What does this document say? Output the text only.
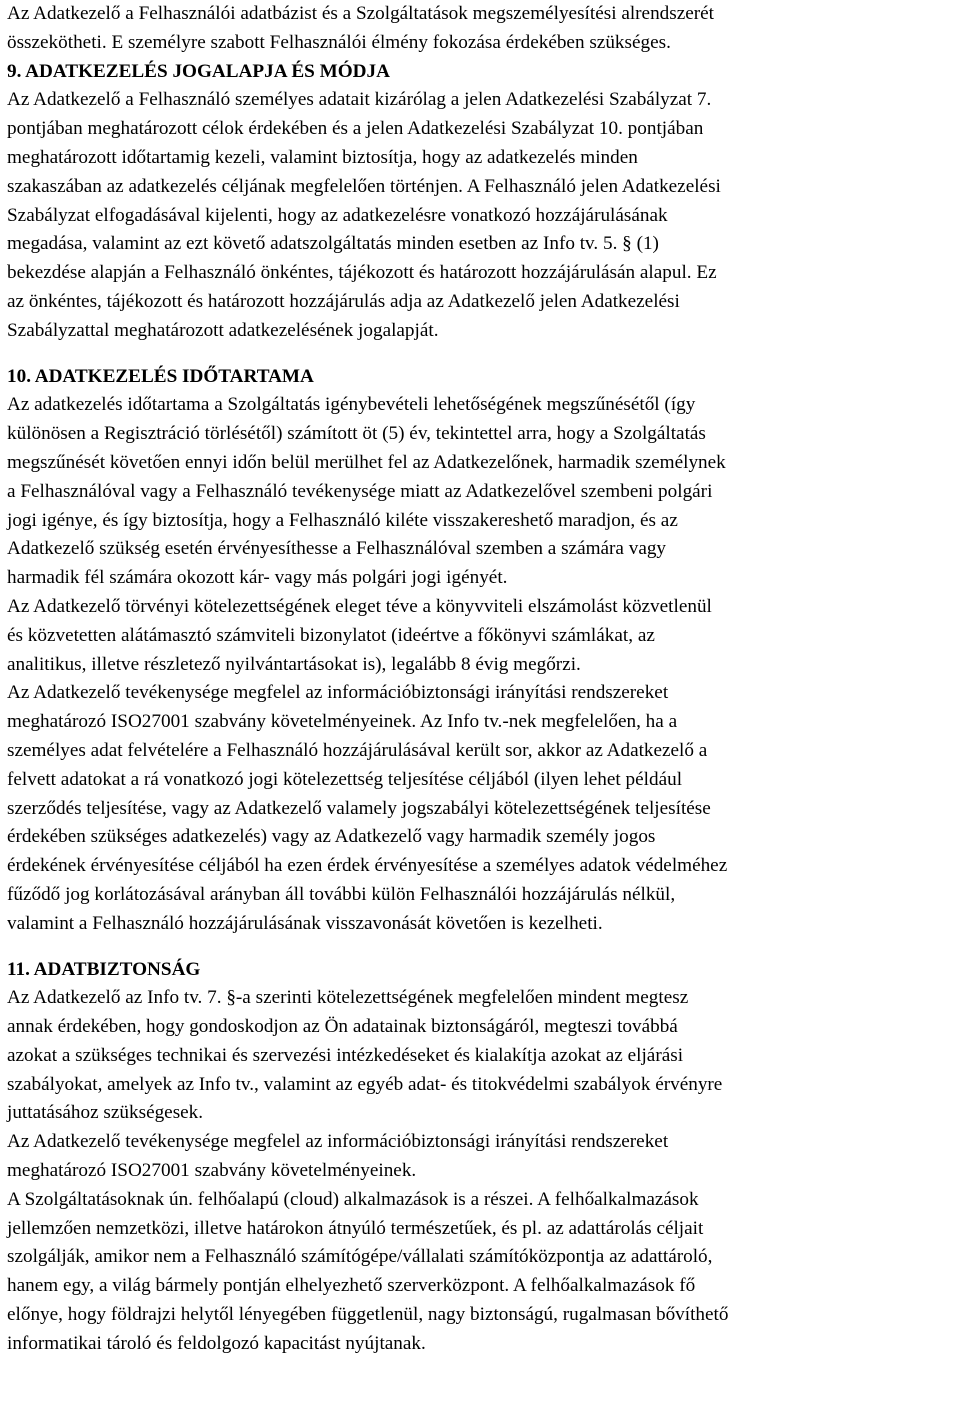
Az Adatkezelő a Felhasználói adatbázist és a Szolgáltatások megszemélyesítési alrendszerét
összekötheti. E személyre szabott Felhasználói élmény fokozása érdekében szükséges.
9. ADATKEZELÉS JOGALAPJA ÉS MÓDJA
Az Adatkezelő a Felhasználó személyes adatait kizárólag a jelen Adatkezelési Szabályzat 7.
pontjában meghatározott célok érdekében és a jelen Adatkezelési Szabályzat 10. pontjában
meghatározott időtartamig kezeli, valamint biztosítja, hogy az adatkezelés minden
szakaszában az adatkezelés céljának megfelelően történjen. A Felhasználó jelen Adatkezelési
Szabályzat elfogadásával kijelenti, hogy az adatkezelésre vonatkozó hozzájárulásának
megadása, valamint az ezt követő adatszolgáltatás minden esetben az Info tv. 5. § (1)
bekezdése alapján a Felhasználó önkéntes, tájékozott és határozott hozzájárulásán alapul. Ez
az önkéntes, tájékozott és határozott hozzájárulás adja az Adatkezelő jelen Adatkezelési
Szabályzattal meghatározott adatkezelésének jogalapját.
10. ADATKEZELÉS IDŐTARTAMA
Az adatkezelés időtartama a Szolgáltatás igénybevételi lehetőségének megszűnésétől (így
különösen a Regisztráció törlésétől) számított öt (5) év, tekintettel arra, hogy a Szolgáltatás
megszűnését követően ennyi időn belül merülhet fel az Adatkezelőnek, harmadik személynek
a Felhasználóval vagy a Felhasználó tevékenysége miatt az Adatkezelővel szembeni polgári
jogi igénye, és így biztosítja, hogy a Felhasználó kiléte visszakereshető maradjon, és az
Adatkezelő szükség esetén érvényesíthesse a Felhasználóval szemben a számára vagy
harmadik fél számára okozott kár- vagy más polgári jogi igényét.
Az Adatkezelő törvényi kötelezettségének eleget téve a könyvviteli elszámolást közvetlenül
és közvetetten alátámasztó számviteli bizonylatot (ideértve a főkönyvi számlákat, az
analitikus, illetve részletező nyilvántartásokat is), legalább 8 évig megőrzi.
Az Adatkezelő tevékenysége megfelel az információbiztonsági irányítási rendszereket
meghatározó ISO27001 szabvány követelményeinek. Az Info tv.-nek megfelelően, ha a
személyes adat felvételére a Felhasználó hozzájárulásával került sor, akkor az Adatkezelő a
felvett adatokat a rá vonatkozó jogi kötelezettség teljesítése céljából (ilyen lehet például
szerződés teljesítése, vagy az Adatkezelő valamely jogszabályi kötelezettségének teljesítése
érdekében szükséges adatkezelés) vagy az Adatkezelő vagy harmadik személy jogos
érdekének érvényesítése céljából ha ezen érdek érvényesítése a személyes adatok védelméhez
fűződő jog korlátozásával arányban áll további külön Felhasználói hozzájárulás nélkül,
valamint a Felhasználó hozzájárulásának visszavonását követően is kezelheti.
11. ADATBIZTONSÁG
Az Adatkezelő az Info tv. 7. §-a szerinti kötelezettségének megfelelően mindent megtesz
annak érdekében, hogy gondoskodjon az Ön adatainak biztonságáról, megteszi továbbá
azokat a szükséges technikai és szervezési intézkedéseket és kialakítja azokat az eljárási
szabályokat, amelyek az Info tv., valamint az egyéb adat- és titokvédelmi szabályok érvényre
juttatásához szükségesek.
Az Adatkezelő tevékenysége megfelel az információbiztonsági irányítási rendszereket
meghatározó ISO27001 szabvány követelményeinek.
A Szolgáltatásoknak ún. felhőalapú (cloud) alkalmazások is a részei. A felhőalkalmazások
jellemzően nemzetközi, illetve határokon átnyúló természetűek, és pl. az adattárolás céljait
szolgálják, amikor nem a Felhasználó számítógépe/vállalati számítóközpontja az adattároló,
hanem egy, a világ bármely pontján elhelyezhető szerverközpont. A felhőalkalmazások fő
előnye, hogy földrajzi helytől lényegében függetlenül, nagy biztonságú, rugalmasan bővíthető
informatikai tároló és feldolgozó kapacitást nyújtanak.
